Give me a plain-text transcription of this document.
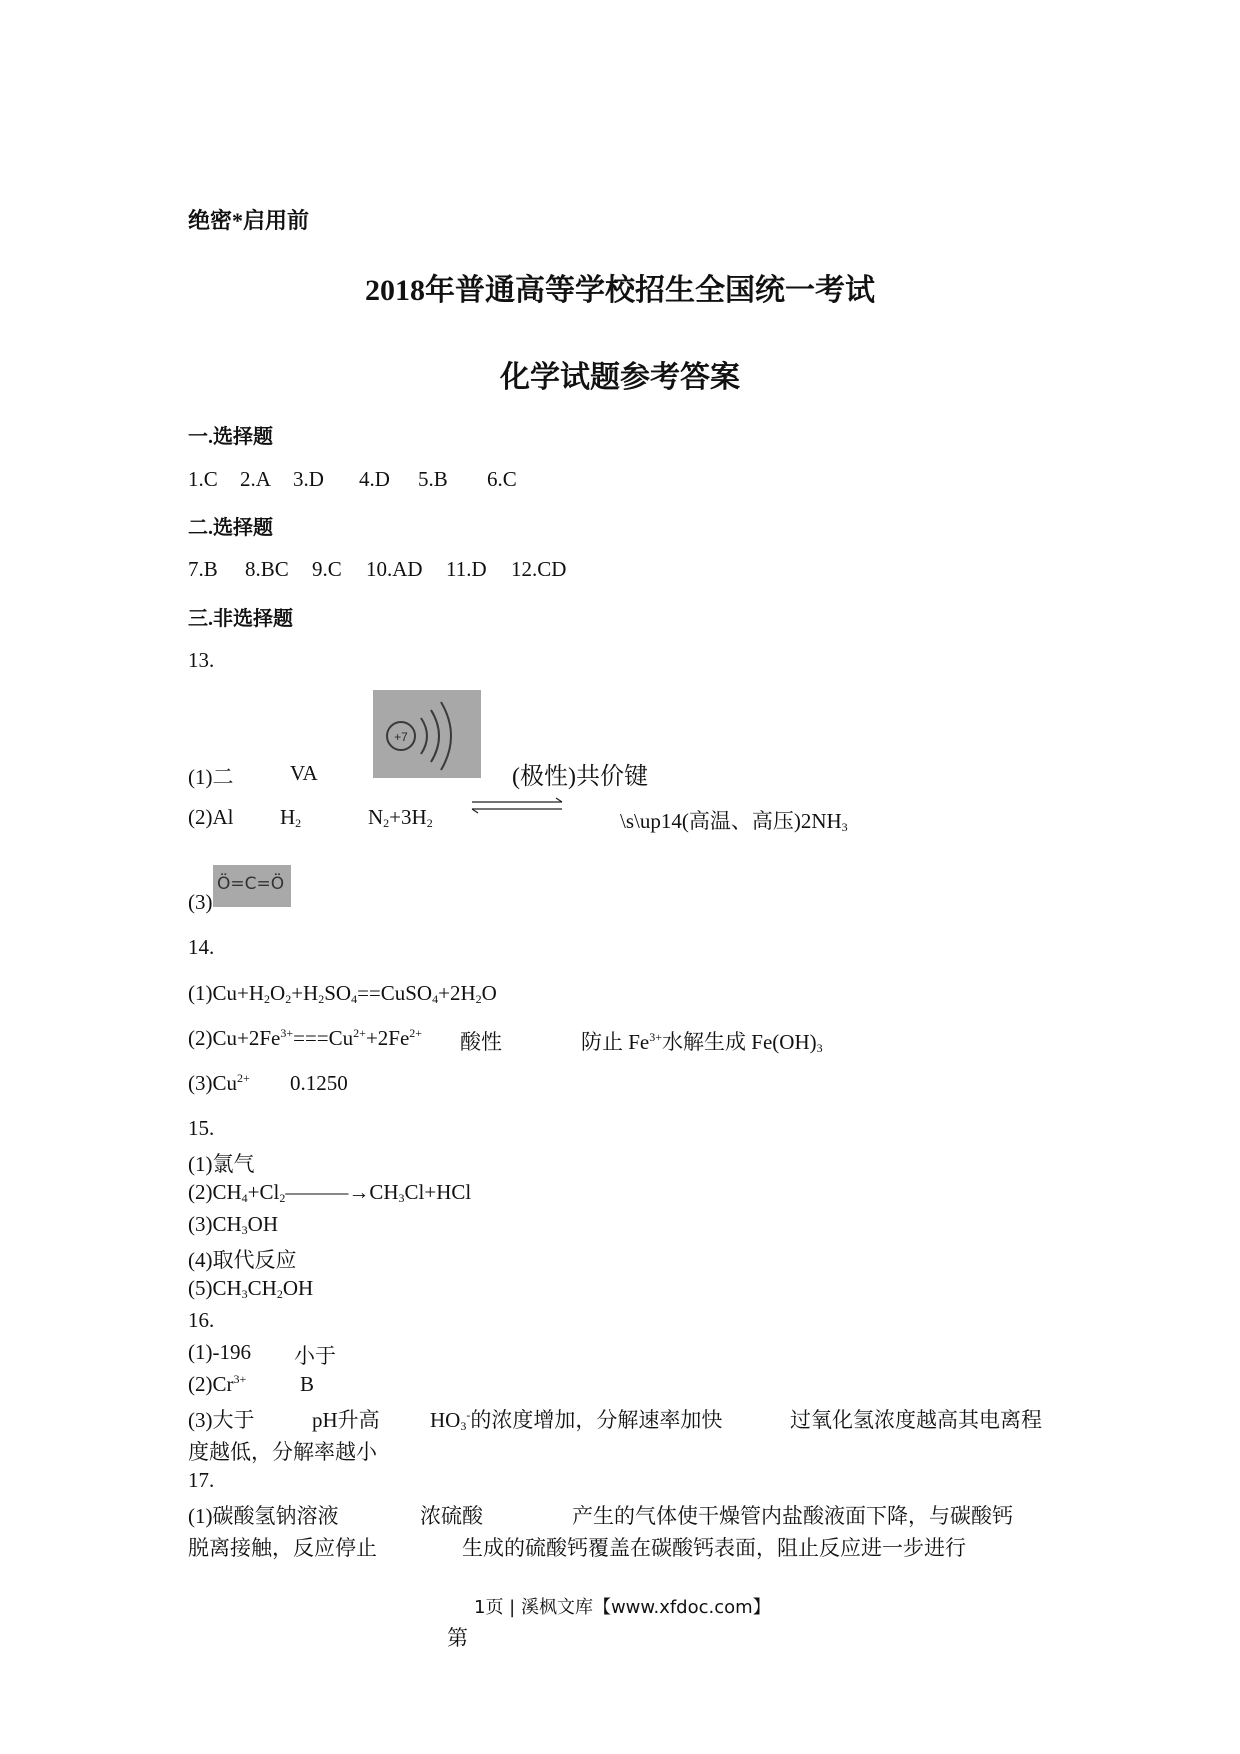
绝密*启用前
2018年普通高等学校招生全国统一考试
化学试题参考答案
一.选择题
1.C 2.A 3.D 4.D 5.B 6.C
二.选择题
7.B 8.BC 9.C 10.AD 11.D 12.CD
三.非选择题
13.
+7
(1)二	VA	(极性)共价键
(2)Al $H_2$	$N_2+3H_2$	\s\up14(高温、高压)$2NH_3$
(3)
Ö=C=Ö
14.
$(1)Cu+H_2O_2+H_2SO_4==CuSO_4+2H_2O$
$(2)Cu+2Fe^{3+}===Cu^{2+}+2Fe^{2+}$ 酸性	防止 $Fe^{3+}$水解生成 $Fe(OH)_3$
$(3)Cu^{2+}$ 0.1250
15.
(1)氯气
$(2)CH_4+Cl_2———\to CH_3Cl+HCl$
$(3)CH_3OH$
(4)取代反应
$(5)CH_3CH_2OH$
16.
(1)-196 小于
$(2)Cr^{3+}$	B
(3)大于	pH升高 $HO_3^-$的浓度增加，分解速率加快	过氧化氢浓度越高其电离程
度越低，分解率越小
17.
(1)碳酸氢钠溶液	浓硫酸	产生的气体使干燥管内盐酸液面下降，与碳酸钙
脱离接触，反应停止	生成的硫酸钙覆盖在碳酸钙表面，阻止反应进一步进行
1页 | 溪枫文库【www.xfdoc.com】
第
